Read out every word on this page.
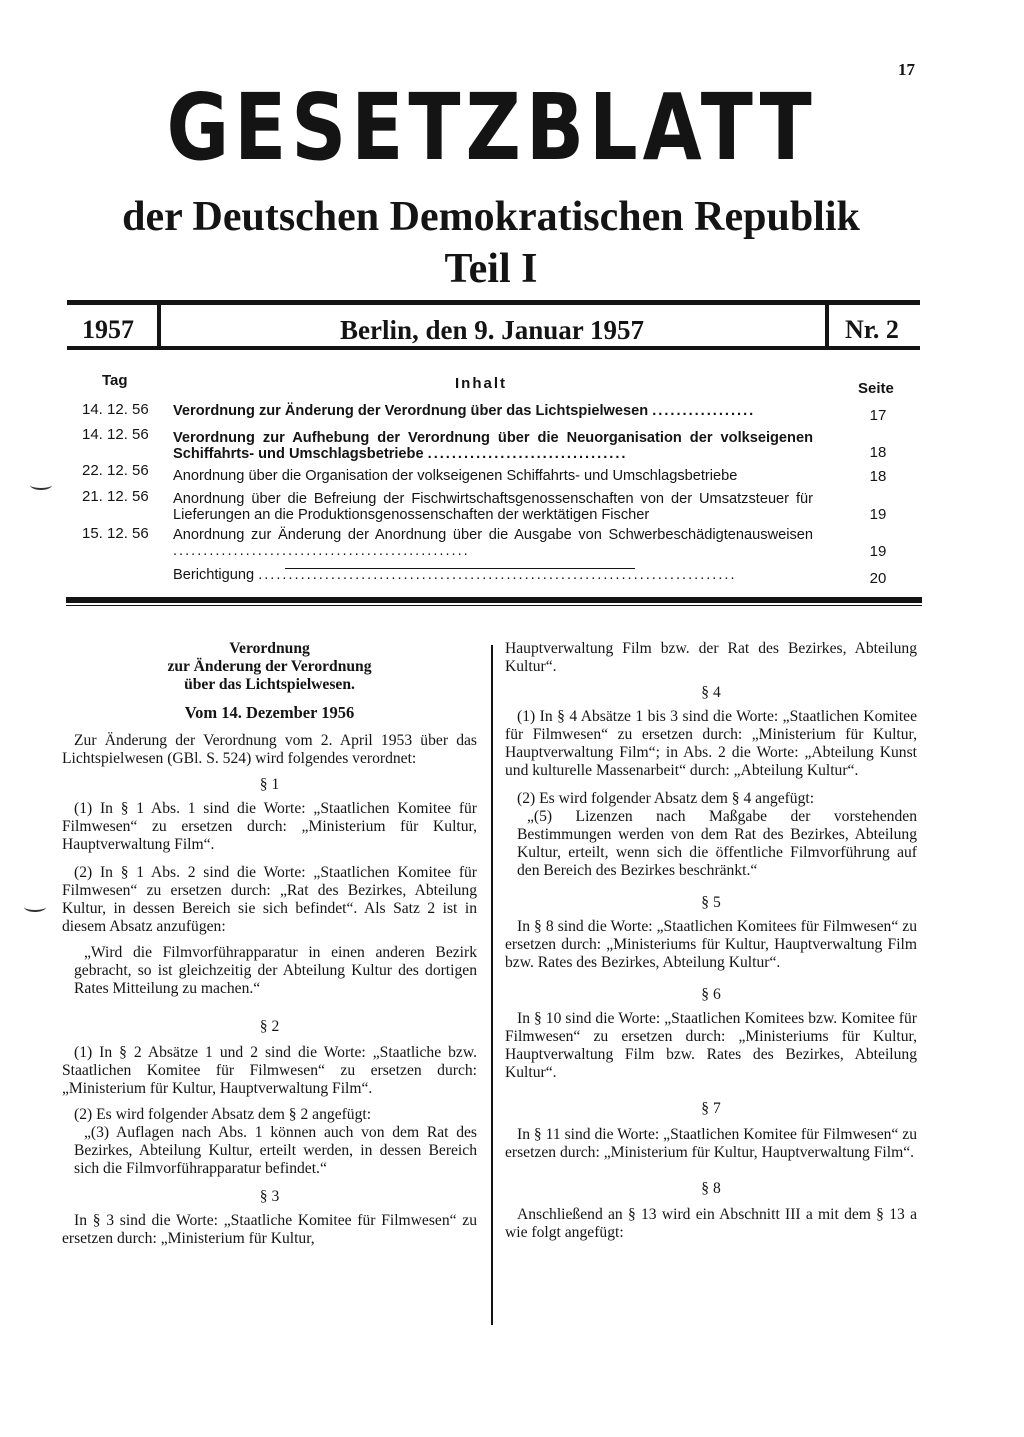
17
GESETZBLATT
der Deutschen Demokratischen Republik
Teil I
1957	Berlin, den 9. Januar 1957	Nr. 2
Tag	Inhalt	Seite
14. 12. 56	Verordnung zur Änderung der Verordnung über das Lichtspielwesen .................	17
14. 12. 56	Verordnung zur Aufhebung der Verordnung über die Neuorganisation der volkseigenen Schiffahrts- und Umschlagsbetriebe .................................	18
22. 12. 56	Anordnung über die Organisation der volkseigenen Schiffahrts- und Umschlagsbetriebe	18
21. 12. 56	Anordnung über die Befreiung der Fischwirtschaftsgenossenschaften von der Umsatzsteuer für Lieferungen an die Produktionsgenossenschaften der werktätigen Fischer	19
15. 12. 56	Anordnung zur Änderung der Anordnung über die Ausgabe von Schwerbeschädigtenausweisen .................................................	19
Berichtigung ...............................................................................	20

Verordnung

zur Änderung der Verordnung

über das Lichtspielwesen.

Vom 14. Dezember 1956

Zur Änderung der Verordnung vom 2. April 1953 über das Lichtspielwesen (GBl. S. 524) wird folgendes verordnet:

§ 1

(1) In § 1 Abs. 1 sind die Worte: „Staatlichen Komitee für Filmwesen“ zu ersetzen durch: „Ministerium für Kultur, Hauptverwaltung Film“.

(2) In § 1 Abs. 2 sind die Worte: „Staatlichen Komitee für Filmwesen“ zu ersetzen durch: „Rat des Bezirkes, Abteilung Kultur, in dessen Bereich sie sich befindet“. Als Satz 2 ist in diesem Absatz anzufügen:

„Wird die Filmvorführapparatur in einen anderen Bezirk gebracht, so ist gleichzeitig der Abteilung Kultur des dortigen Rates Mitteilung zu machen.“

§ 2

(1) In § 2 Absätze 1 und 2 sind die Worte: „Staatliche bzw. Staatlichen Komitee für Filmwesen“ zu ersetzen durch: „Ministerium für Kultur, Hauptverwaltung Film“.

(2) Es wird folgender Absatz dem § 2 angefügt:

„(3) Auflagen nach Abs. 1 können auch von dem Rat des Bezirkes, Abteilung Kultur, erteilt werden, in dessen Bereich sich die Filmvorführapparatur befindet.“

§ 3

In § 3 sind die Worte: „Staatliche Komitee für Filmwesen“ zu ersetzen durch: „Ministerium für Kultur,

Hauptverwaltung Film bzw. der Rat des Bezirkes, Abteilung Kultur“.

§ 4

(1) In § 4 Absätze 1 bis 3 sind die Worte: „Staatlichen Komitee für Filmwesen“ zu ersetzen durch: „Ministerium für Kultur, Hauptverwaltung Film“; in Abs. 2 die Worte: „Abteilung Kunst und kulturelle Massenarbeit“ durch: „Abteilung Kultur“.

(2) Es wird folgender Absatz dem § 4 angefügt:

„(5) Lizenzen nach Maßgabe der vorstehenden Bestimmungen werden von dem Rat des Bezirkes, Abteilung Kultur, erteilt, wenn sich die öffentliche Filmvorführung auf den Bereich des Bezirkes beschränkt.“

§ 5

In § 8 sind die Worte: „Staatlichen Komitees für Filmwesen“ zu ersetzen durch: „Ministeriums für Kultur, Hauptverwaltung Film bzw. Rates des Bezirkes, Abteilung Kultur“.

§ 6

In § 10 sind die Worte: „Staatlichen Komitees bzw. Komitee für Filmwesen“ zu ersetzen durch: „Ministeriums für Kultur, Hauptverwaltung Film bzw. Rates des Bezirkes, Abteilung Kultur“.

§ 7

In § 11 sind die Worte: „Staatlichen Komitee für Filmwesen“ zu ersetzen durch: „Ministerium für Kultur, Hauptverwaltung Film“.

§ 8

Anschließend an § 13 wird ein Abschnitt III a mit dem § 13 a wie folgt angefügt:
